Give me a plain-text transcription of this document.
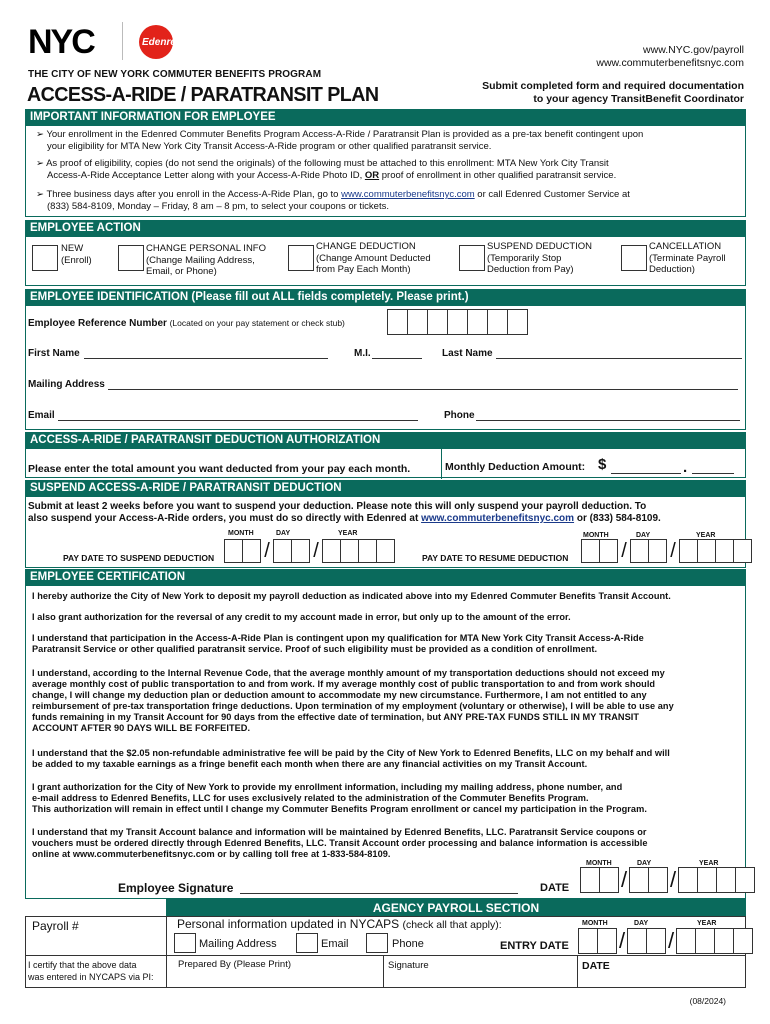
NYC	Edenred
www.NYC.gov/payroll
www.commuterbenefitsnyc.com
THE CITY OF NEW YORK COMMUTER BENEFITS PROGRAM
ACCESS-A-RIDE / PARATRANSIT PLAN	Submit completed form and required documentation
to your agency TransitBenefit Coordinator
IMPORTANT INFORMATION FOR EMPLOYEE
➢ Your enrollment in the Edenred Commuter Benefits Program Access-A-Ride / Paratransit Plan is provided as a pre-tax benefit contingent upon
your eligibility for MTA New York City Transit Access-A-Ride program or other qualified paratransit service.
➢ As proof of eligibility, copies (do not send the originals) of the following must be attached to this enrollment: MTA New York City Transit
Access-A-Ride Acceptance Letter along with your Access-A-Ride Photo ID, OR proof of enrollment in other qualified paratransit service.
➢ Three business days after you enroll in the Access-A-Ride Plan, go to www.commuterbenefitsnyc.com or call Edenred Customer Service at
(833) 584-8109, Monday – Friday, 8 am – 8 pm, to select your coupons or tickets.
EMPLOYEE ACTION
NEW
(Enroll)
CHANGE PERSONAL INFO
(Change Mailing Address,
Email, or Phone)
CHANGE DEDUCTION
(Change Amount Deducted
from Pay Each Month)
SUSPEND DEDUCTION
(Temporarily Stop
Deduction from Pay)
CANCELLATION
(Terminate Payroll
Deduction)
EMPLOYEE IDENTIFICATION (Please fill out ALL fields completely. Please print.)
Employee Reference Number (Located on your pay statement or check stub)
First Name	M.I.	Last Name
Mailing Address
Email	Phone
ACCESS-A-RIDE / PARATRANSIT DEDUCTION AUTHORIZATION
Please enter the total amount you want deducted from your pay each month.	Monthly Deduction Amount: $	.
SUSPEND ACCESS-A-RIDE / PARATRANSIT DEDUCTION
Submit at least 2 weeks before you want to suspend your deduction. Please note this will only suspend your payroll deduction. To
also suspend your Access-A-Ride orders, you must do so directly with Edenred at www.commuterbenefitsnyc.com or (833) 584-8109.
MONTH	DAY	YEAR
PAY DATE TO SUSPEND DEDUCTION	/ /
MONTH	DAY	YEAR
PAY DATE TO RESUME DEDUCTION	/ /
EMPLOYEE CERTIFICATION
I hereby authorize the City of New York to deposit my payroll deduction as indicated above into my Edenred Commuter Benefits Transit Account.
I also grant authorization for the reversal of any credit to my account made in error, but only up to the amount of the error.
I understand that participation in the Access-A-Ride Plan is contingent upon my qualification for MTA New York City Transit Access-A-Ride
Paratransit Service or other qualified paratransit service. Proof of such eligibility must be provided as a condition of enrollment.
I understand, according to the Internal Revenue Code, that the average monthly amount of my transportation deductions should not exceed my
average monthly cost of public transportation to and from work. If my average monthly cost of public transportation to and from work should
change, I will change my deduction plan or deduction amount to accommodate my new circumstance. Furthermore, I am not entitled to any
reimbursement of pre-tax transportation fringe deductions. Upon termination of my employment (voluntary or otherwise), I will be able to use any
funds remaining in my Transit Account for 90 days from the effective date of termination, but ANY PRE-TAX FUNDS STILL IN MY TRANSIT
ACCOUNT AFTER 90 DAYS WILL BE FORFEITED.
I understand that the $2.05 non-refundable administrative fee will be paid by the City of New York to Edenred Benefits, LLC on my behalf and will
be added to my taxable earnings as a fringe benefit each month when there are any financial activities on my Transit Account.
I grant authorization for the City of New York to provide my enrollment information, including my mailing address, phone number, and
e-mail address to Edenred Benefits, LLC for uses exclusively related to the administration of the Commuter Benefits Program.
This authorization will remain in effect until I change my Commuter Benefits Program enrollment or cancel my participation in the Program.
I understand that my Transit Account balance and information will be maintained by Edenred Benefits, LLC. Paratransit Service coupons or
vouchers must be ordered directly through Edenred Benefits, LLC. Transit Account order processing and balance information is accessible
online at www.commuterbenefitsnyc.com or by calling toll free at 1-833-584-8109.
Employee Signature	DATE
MONTH	DAY	YEAR
/ /
AGENCY PAYROLL SECTION
Payroll #	Personal information updated in NYCAPS (check all that apply):
Mailing Address	Email	Phone	ENTRY DATE
MONTH	DAY	YEAR
/ /
I certify that the above data
was entered in NYCAPS via PI:
Prepared By (Please Print)	Signature	DATE
(08/2024)
